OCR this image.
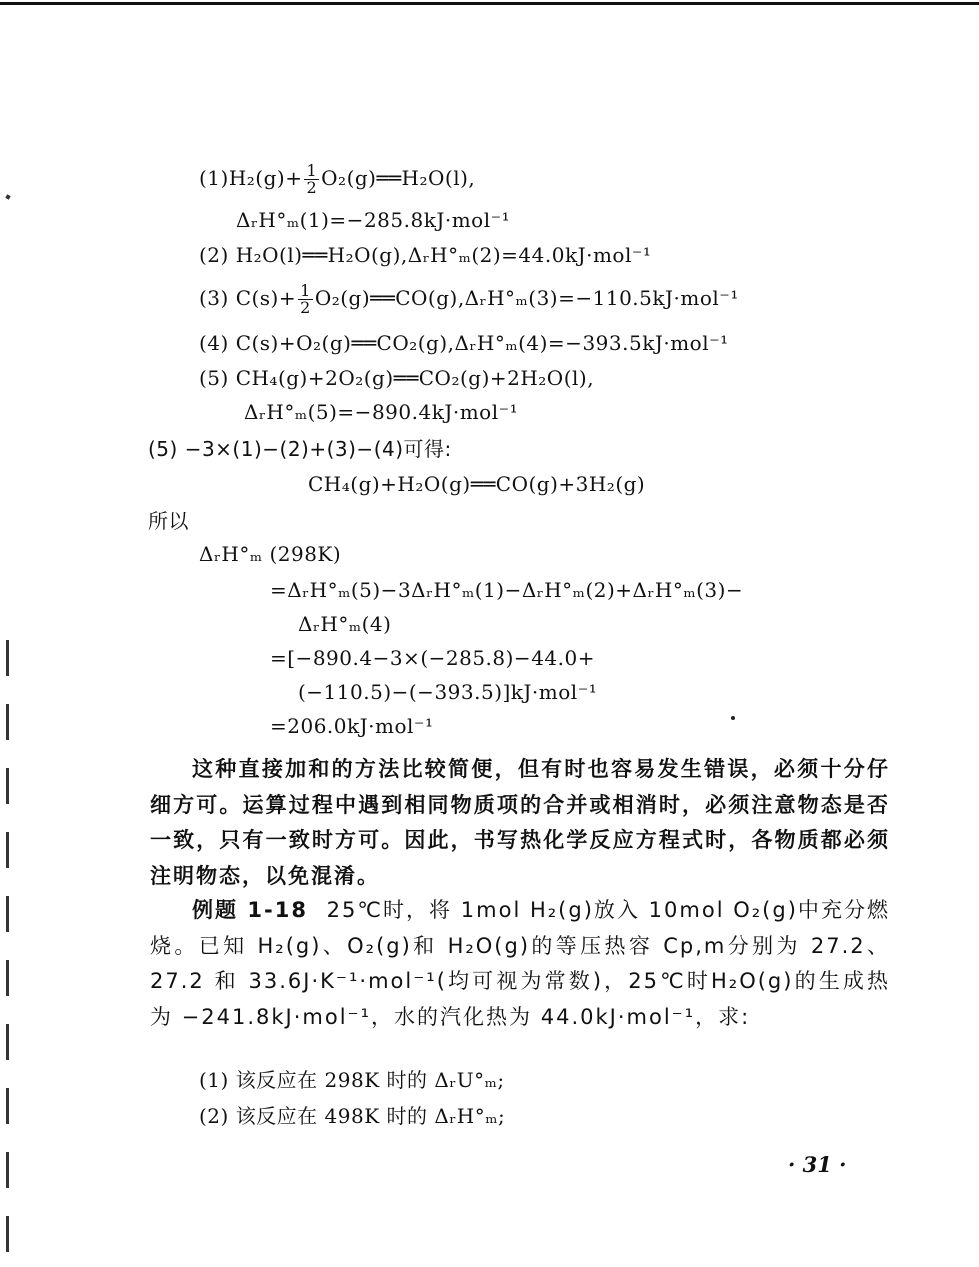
$(1)H_2(g)+ \frac{1}{2}$ O₂(g)══H₂O(l),
ΔᵣH°ₘ(1)=−285.8kJ·mol⁻¹
(2) H₂O(l)══H₂O(g),ΔᵣH°ₘ(2)=44.0kJ·mol⁻¹
(3) $C(s)+ \frac{1}{2}$ O₂(g)══CO(g),ΔᵣH°ₘ(3)=−110.5kJ·mol⁻¹
(4) C(s)+O₂(g)══CO₂(g),ΔᵣH°ₘ(4)=−393.5kJ·mol⁻¹
(5) CH₄(g)+2O₂(g)══CO₂(g)+2H₂O(l),
ΔᵣH°ₘ(5)=−890.4kJ·mol⁻¹
(5) −3×(1)−(2)+(3)−(4)可得:
CH₄(g)+H₂O(g)══CO(g)+3H₂(g)
所以
ΔᵣH°ₘ (298K)
=ΔᵣH°ₘ(5)−3ΔᵣH°ₘ(1)−ΔᵣH°ₘ(2)+ΔᵣH°ₘ(3)−
ΔᵣH°ₘ(4)
=[−890.4−3×(−285.8)−44.0+
(−110.5)−(−393.5)]kJ·mol⁻¹
=206.0kJ·mol⁻¹

这种直接加和的方法比较简便，但有时也容易发生错误，必须十分仔细方可。运算过程中遇到相同物质项的合并或相消时，必须注意物态是否一致，只有一致时方可。因此，书写热化学反应方程式时，各物质都必须注明物态，以免混淆。

例题 1-18 25℃时，将 1mol H₂(g)放入 10mol O₂(g)中充分燃烧。已知 H₂(g)、O₂(g)和 H₂O(g)的等压热容 Cp,m分别为 27.2、27.2 和 33.6J·K⁻¹·mol⁻¹(均可视为常数)，25℃时H₂O(g)的生成热为 −241.8kJ·mol⁻¹，水的汽化热为 44.0kJ·mol⁻¹，求:

(1) 该反应在 298K 时的 ΔᵣU°ₘ;
(2) 该反应在 498K 时的 ΔᵣH°ₘ;
· 31 ·
